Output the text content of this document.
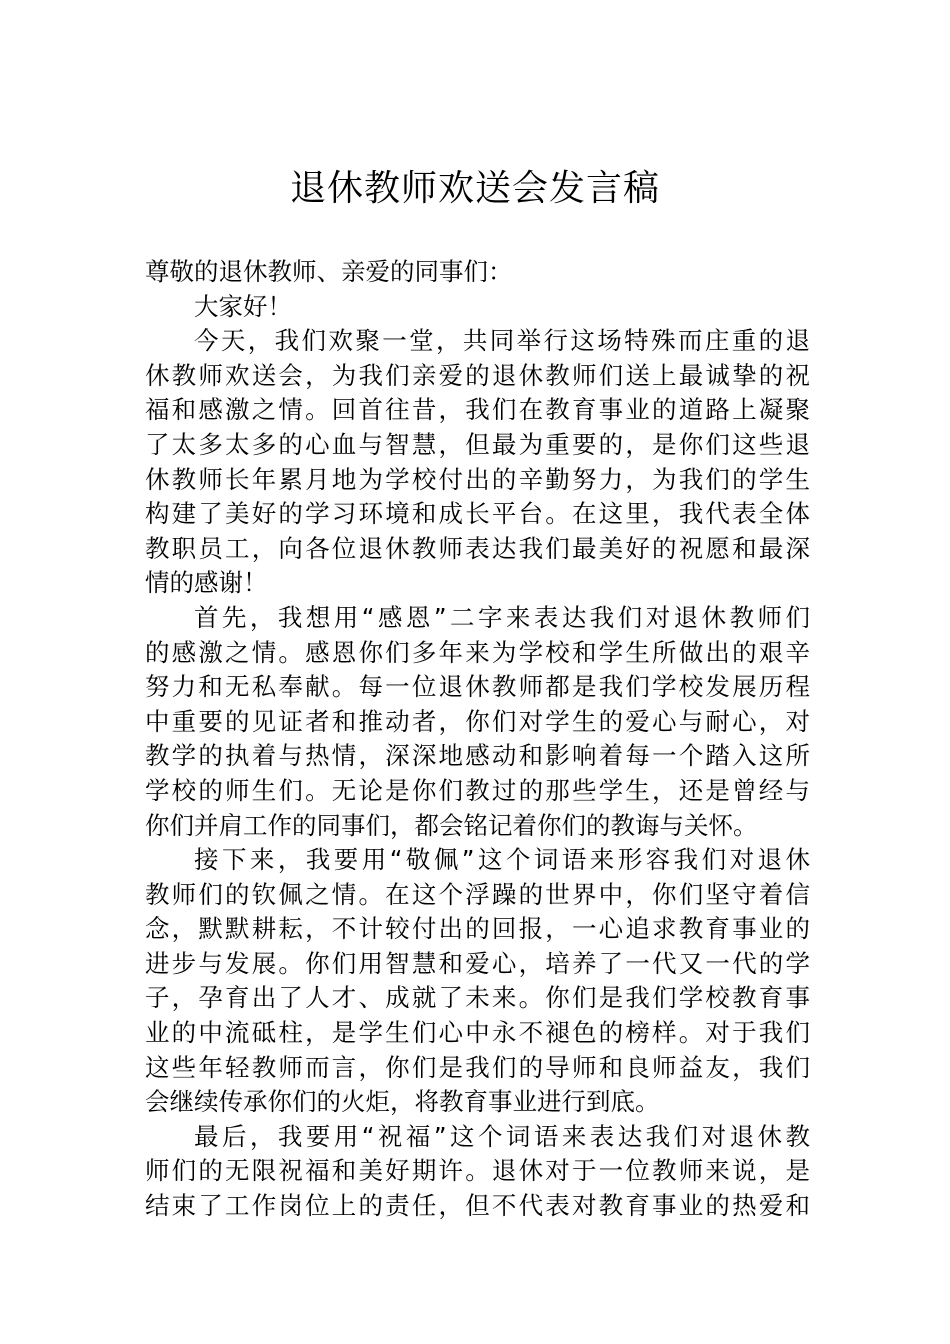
退休教师欢送会发言稿
尊敬的退休教师、亲爱的同事们：
大家好！
今天，我们欢聚一堂，共同举行这场特殊而庄重的退
休教师欢送会，为我们亲爱的退休教师们送上最诚挚的祝
福和感激之情。回首往昔，我们在教育事业的道路上凝聚
了太多太多的心血与智慧，但最为重要的，是你们这些退
休教师长年累月地为学校付出的辛勤努力，为我们的学生
构建了美好的学习环境和成长平台。在这里，我代表全体
教职员工，向各位退休教师表达我们最美好的祝愿和最深
情的感谢！
首先，我想用“感恩”二字来表达我们对退休教师们
的感激之情。感恩你们多年来为学校和学生所做出的艰辛
努力和无私奉献。每一位退休教师都是我们学校发展历程
中重要的见证者和推动者，你们对学生的爱心与耐心，对
教学的执着与热情，深深地感动和影响着每一个踏入这所
学校的师生们。无论是你们教过的那些学生，还是曾经与
你们并肩工作的同事们，都会铭记着你们的教诲与关怀。
接下来，我要用“敬佩”这个词语来形容我们对退休
教师们的钦佩之情。在这个浮躁的世界中，你们坚守着信
念，默默耕耘，不计较付出的回报，一心追求教育事业的
进步与发展。你们用智慧和爱心，培养了一代又一代的学
子，孕育出了人才、成就了未来。你们是我们学校教育事
业的中流砥柱，是学生们心中永不褪色的榜样。对于我们
这些年轻教师而言，你们是我们的导师和良师益友，我们
会继续传承你们的火炬，将教育事业进行到底。
最后，我要用“祝福”这个词语来表达我们对退休教
师们的无限祝福和美好期许。退休对于一位教师来说，是
结束了工作岗位上的责任，但不代表对教育事业的热爱和
